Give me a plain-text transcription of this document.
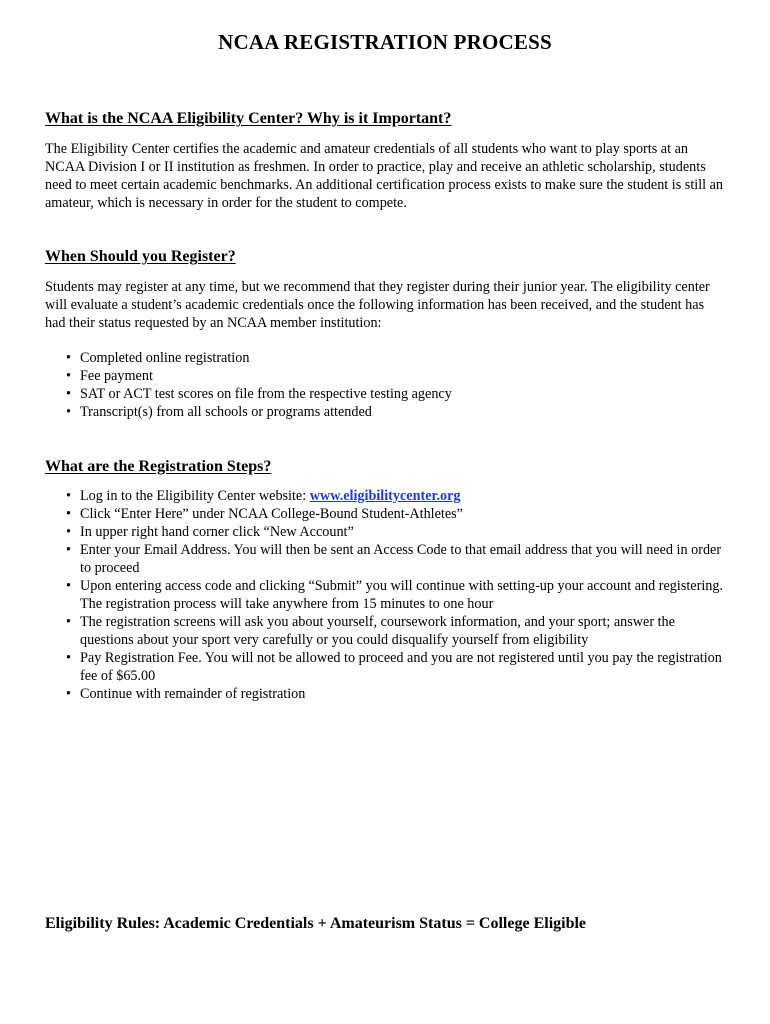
NCAA REGISTRATION PROCESS
What is the NCAA Eligibility Center? Why is it Important?
The Eligibility Center certifies the academic and amateur credentials of all students who want to play sports at an NCAA Division I or II institution as freshmen. In order to practice, play and receive an athletic scholarship, students need to meet certain academic benchmarks. An additional certification process exists to make sure the student is still an amateur, which is necessary in order for the student to compete.
When Should you Register?
Students may register at any time, but we recommend that they register during their junior year. The eligibility center will evaluate a student’s academic credentials once the following information has been received, and the student has had their status requested by an NCAA member institution:
• Completed online registration
• Fee payment
• SAT or ACT test scores on file from the respective testing agency
• Transcript(s) from all schools or programs attended
What are the Registration Steps?
• Log in to the Eligibility Center website: www.eligibilitycenter.org
• Click “Enter Here” under NCAA College-Bound Student-Athletes”
• In upper right hand corner click “New Account”
• Enter your Email Address. You will then be sent an Access Code to that email address that you will need in order to proceed
• Upon entering access code and clicking “Submit” you will continue with setting-up your account and registering. The registration process will take anywhere from 15 minutes to one hour
• The registration screens will ask you about yourself, coursework information, and your sport; answer the questions about your sport very carefully or you could disqualify yourself from eligibility
• Pay Registration Fee. You will not be allowed to proceed and you are not registered until you pay the registration fee of $65.00
• Continue with remainder of registration
Eligibility Rules: Academic Credentials + Amateurism Status = College Eligible
